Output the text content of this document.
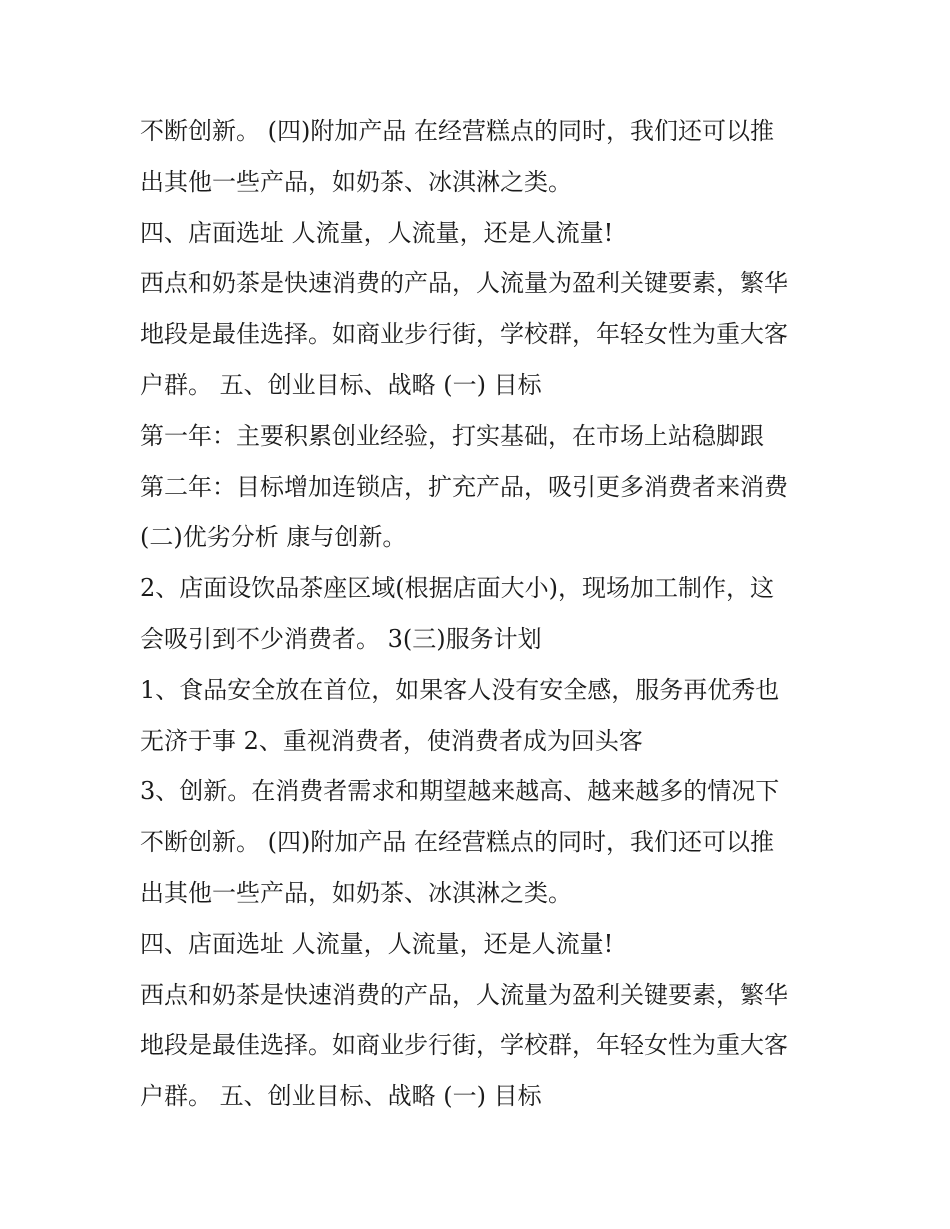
不断创新。 (四)附加产品 在经营糕点的同时，我们还可以推
出其他一些产品，如奶茶、冰淇淋之类。
四、店面选址 人流量，人流量，还是人流量!
西点和奶茶是快速消费的产品，人流量为盈利关键要素，繁华
地段是最佳选择。如商业步行街，学校群，年轻女性为重大客
户群。 五、创业目标、战略 (一) 目标
第一年：主要积累创业经验，打实基础，在市场上站稳脚跟
第二年：目标增加连锁店，扩充产品，吸引更多消费者来消费
(二)优劣分析 康与创新。
2、店面设饮品茶座区域(根据店面大小)，现场加工制作，这
会吸引到不少消费者。 3(三)服务计划
1、食品安全放在首位，如果客人没有安全感，服务再优秀也
无济于事 2、重视消费者，使消费者成为回头客
3、创新。在消费者需求和期望越来越高、越来越多的情况下
不断创新。 (四)附加产品 在经营糕点的同时，我们还可以推
出其他一些产品，如奶茶、冰淇淋之类。
四、店面选址 人流量，人流量，还是人流量!
西点和奶茶是快速消费的产品，人流量为盈利关键要素，繁华
地段是最佳选择。如商业步行街，学校群，年轻女性为重大客
户群。 五、创业目标、战略 (一) 目标
